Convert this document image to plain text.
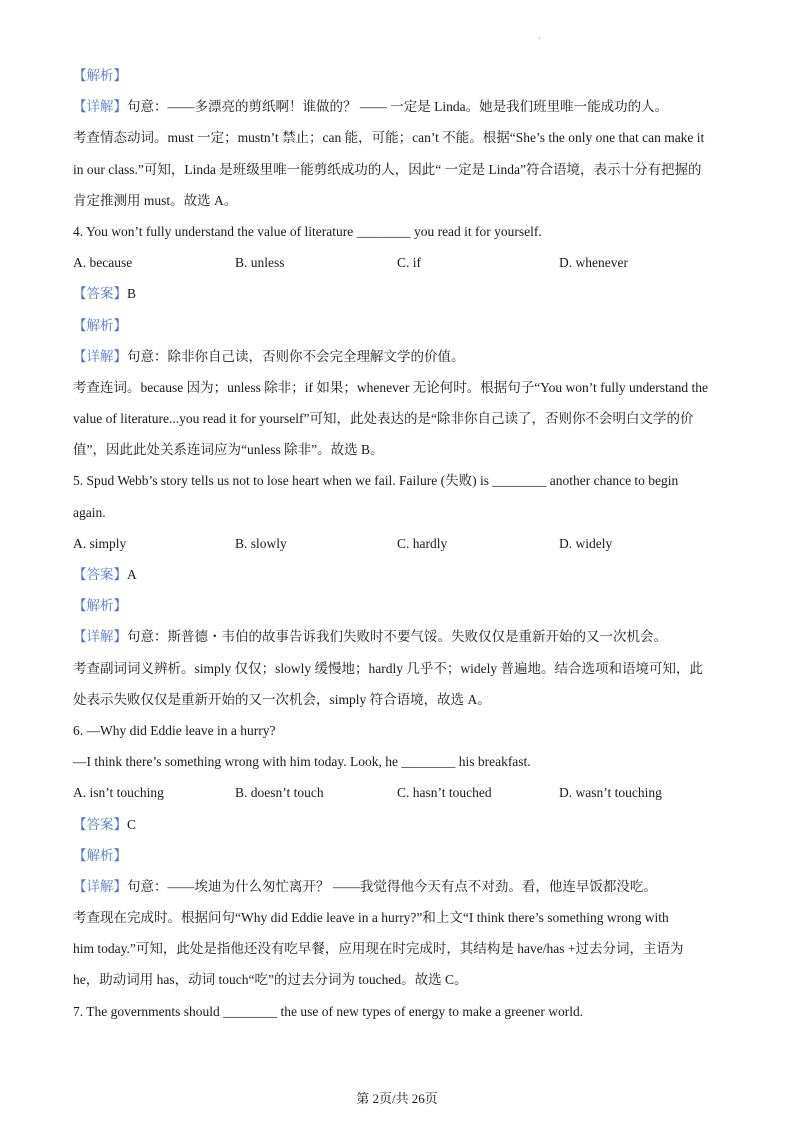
·
【解析】
【详解】句意：——多漂亮的剪纸啊！谁做的？ —— 一定是 Linda。她是我们班里唯一能成功的人。
考查情态动词。must 一定；mustn’t 禁止；can 能，可能；can’t 不能。根据“She’s the only one that can make it
in our class.”可知，Linda 是班级里唯一能剪纸成功的人，因此“ 一定是 Linda”符合语境，表示十分有把握的
肯定推测用 must。故选 A。
4. You won’t fully understand the value of literature ________ you read it for yourself.
A. because	B. unless	C. if	D. whenever
【答案】B
【解析】
【详解】句意：除非你自己读，否则你不会完全理解文学的价值。
考查连词。because 因为；unless 除非；if 如果；whenever 无论何时。根据句子“You won’t fully understand the
value of literature...you read it for yourself”可知，此处表达的是“除非你自己读了，否则你不会明白文学的价
值”，因此此处关系连词应为“unless 除非”。故选 B。
5. Spud Webb’s story tells us not to lose heart when we fail. Failure (失败) is ________ another chance to begin
again.
A. simply	B. slowly	C. hardly	D. widely
【答案】A
【解析】
【详解】句意：斯普德・韦伯的故事告诉我们失败时不要气馁。失败仅仅是重新开始的又一次机会。
考查副词词义辨析。simply 仅仅；slowly 缓慢地；hardly 几乎不；widely 普遍地。结合选项和语境可知，此
处表示失败仅仅是重新开始的又一次机会，simply 符合语境，故选 A。
6. —Why did Eddie leave in a hurry?
—I think there’s something wrong with him today. Look, he ________ his breakfast.
A. isn’t touching	B. doesn’t touch	C. hasn’t touched	D. wasn’t touching
【答案】C
【解析】
【详解】句意：——埃迪为什么匆忙离开？ ——我觉得他今天有点不对劲。看，他连早饭都没吃。
考查现在完成时。根据问句“Why did Eddie leave in a hurry?”和上文“I think there’s something wrong with
him today.”可知，此处是指他还没有吃早餐，应用现在时完成时，其结构是 have/has +过去分词，主语为
he，助动词用 has，动词 touch“吃”的过去分词为 touched。故选 C。
7. The governments should ________ the use of new types of energy to make a greener world.
第 2页/共 26页
